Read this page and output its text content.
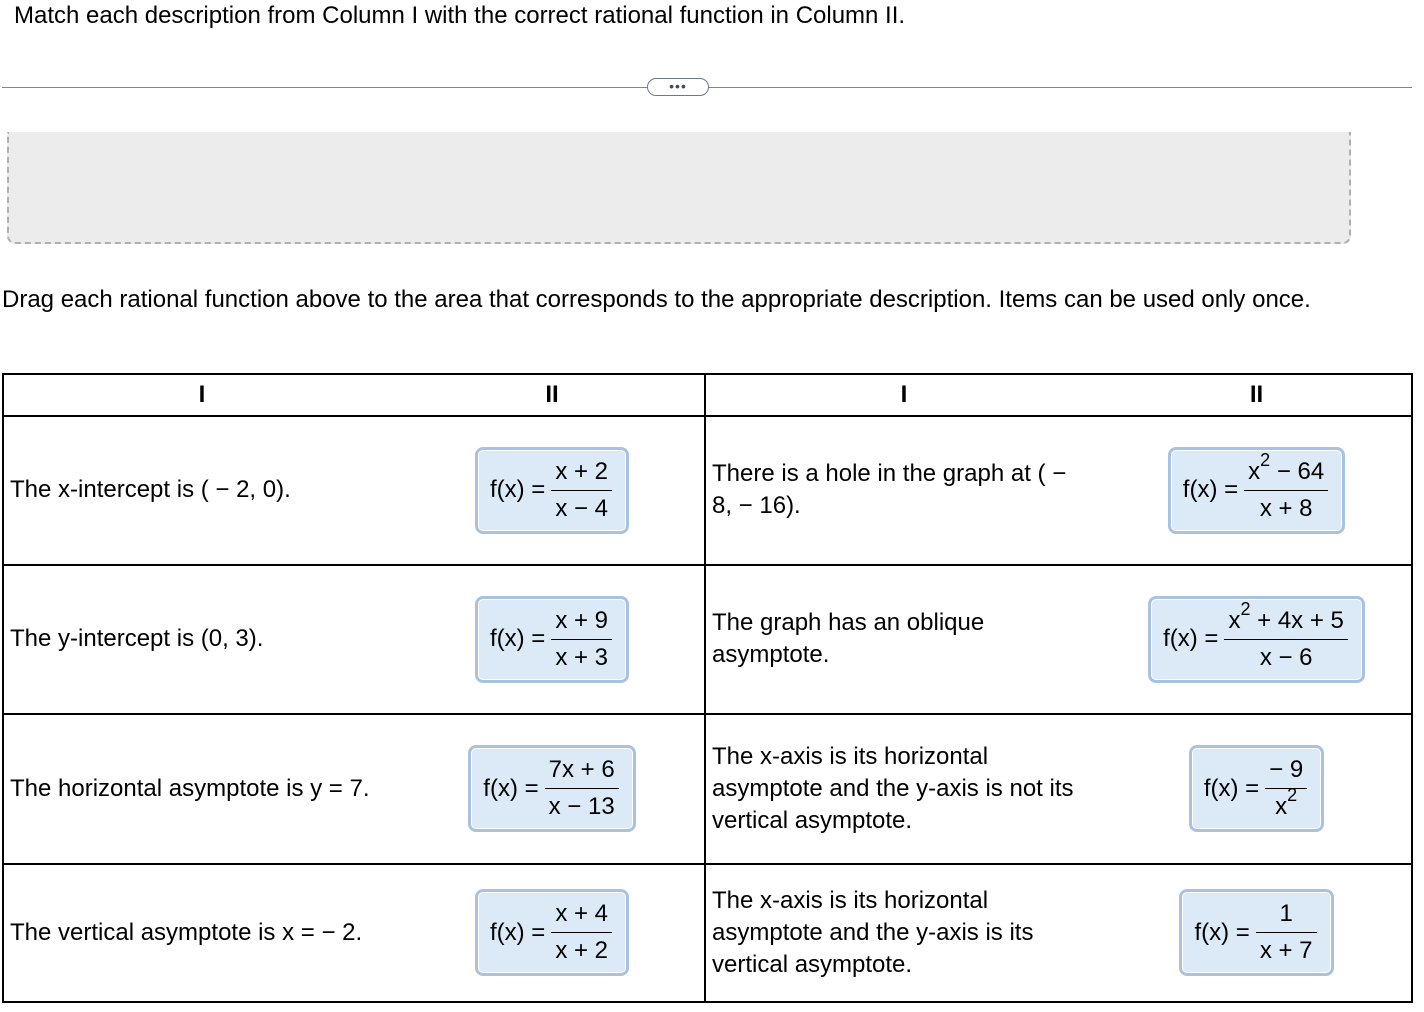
Match each description from Column I with the correct rational function in Column II.
•••
Drag each rational function above to the area that corresponds to the appropriate description. Items can be used only once.
I	II	I	II
The x-intercept is ( − 2, 0).	$f(x) = \frac{x + 2}{x - 4}$	There is a hole in the graph at ( − 8, − 16).	$f(x) = \frac{x^2 - 64}{x + 8}$

The y-intercept is (0, 3).	$f(x) = \frac{x + 9}{x + 3}$	The graph has an oblique asymptote.	$f(x) = \frac{x^2 + 4x + 5}{x - 6}$

The horizontal asymptote is y = 7.	$f(x) = \frac{7x + 6}{x - 13}$	The x-axis is its horizontal asymptote and the y-axis is not its vertical asymptote.	$f(x) = \frac{- 9}{x^2}$

The vertical asymptote is x = − 2.	$f(x) = \frac{x + 4}{x + 2}$	The x-axis is its horizontal asymptote and the y-axis is its vertical asymptote.	$f(x) = \frac{1}{x + 7}$
